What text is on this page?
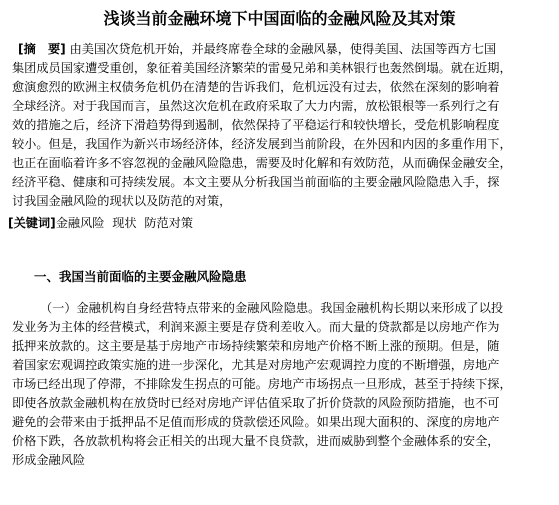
浅谈当前金融环境下中国面临的金融风险及其对策
[摘　要] 由美国次贷危机开始，并最终席卷全球的金融风暴，使得美国、法国等西方七国
集团成员国家遭受重创，象征着美国经济繁荣的雷曼兄弟和美林银行也轰然倒塌。就在近期，
愈演愈烈的欧洲主权债务危机仍在清楚的告诉我们，危机远没有过去，依然在深刻的影响着
全球经济。对于我国而言，虽然这次危机在政府采取了大力内需，放松银根等一系列行之有
效的措施之后，经济下滑趋势得到遏制，依然保持了平稳运行和较快增长，受危机影响程度
较小。但是，我国作为新兴市场经济体，经济发展到当前阶段，在外因和内因的多重作用下，
也正在面临着许多不容忽视的金融风险隐患，需要及时化解和有效防范，从而确保金融安全，
经济平稳、健康和可持续发展。本文主要从分析我国当前面临的主要金融风险隐患入手，探
讨我国金融风险的现状以及防范的对策，
[关键词]金融风险  现状  防范对策
一、我国当前面临的主要金融风险隐患
（一）金融机构自身经营特点带来的金融风险隐患。我国金融机构长期以来形成了以投
发业务为主体的经营模式，利润来源主要是存贷利差收入。而大量的贷款都是以房地产作为
抵押来放款的。这主要是基于房地产市场持续繁荣和房地产价格不断上涨的预期。但是，随
着国家宏观调控政策实施的进一步深化，尤其是对房地产宏观调控力度的不断增强，房地产
市场已经出现了停滞，不排除发生拐点的可能。房地产市场拐点一旦形成，甚至于持续下探，
即使各放款金融机构在放贷时已经对房地产评估值采取了折价贷款的风险预防措施，也不可
避免的会带来由于抵押品不足值而形成的贷款偿还风险。如果出现大面积的、深度的房地产
价格下跌，各放款机构将会正相关的出现大量不良贷款，进而威胁到整个金融体系的安全，
形成金融风险
